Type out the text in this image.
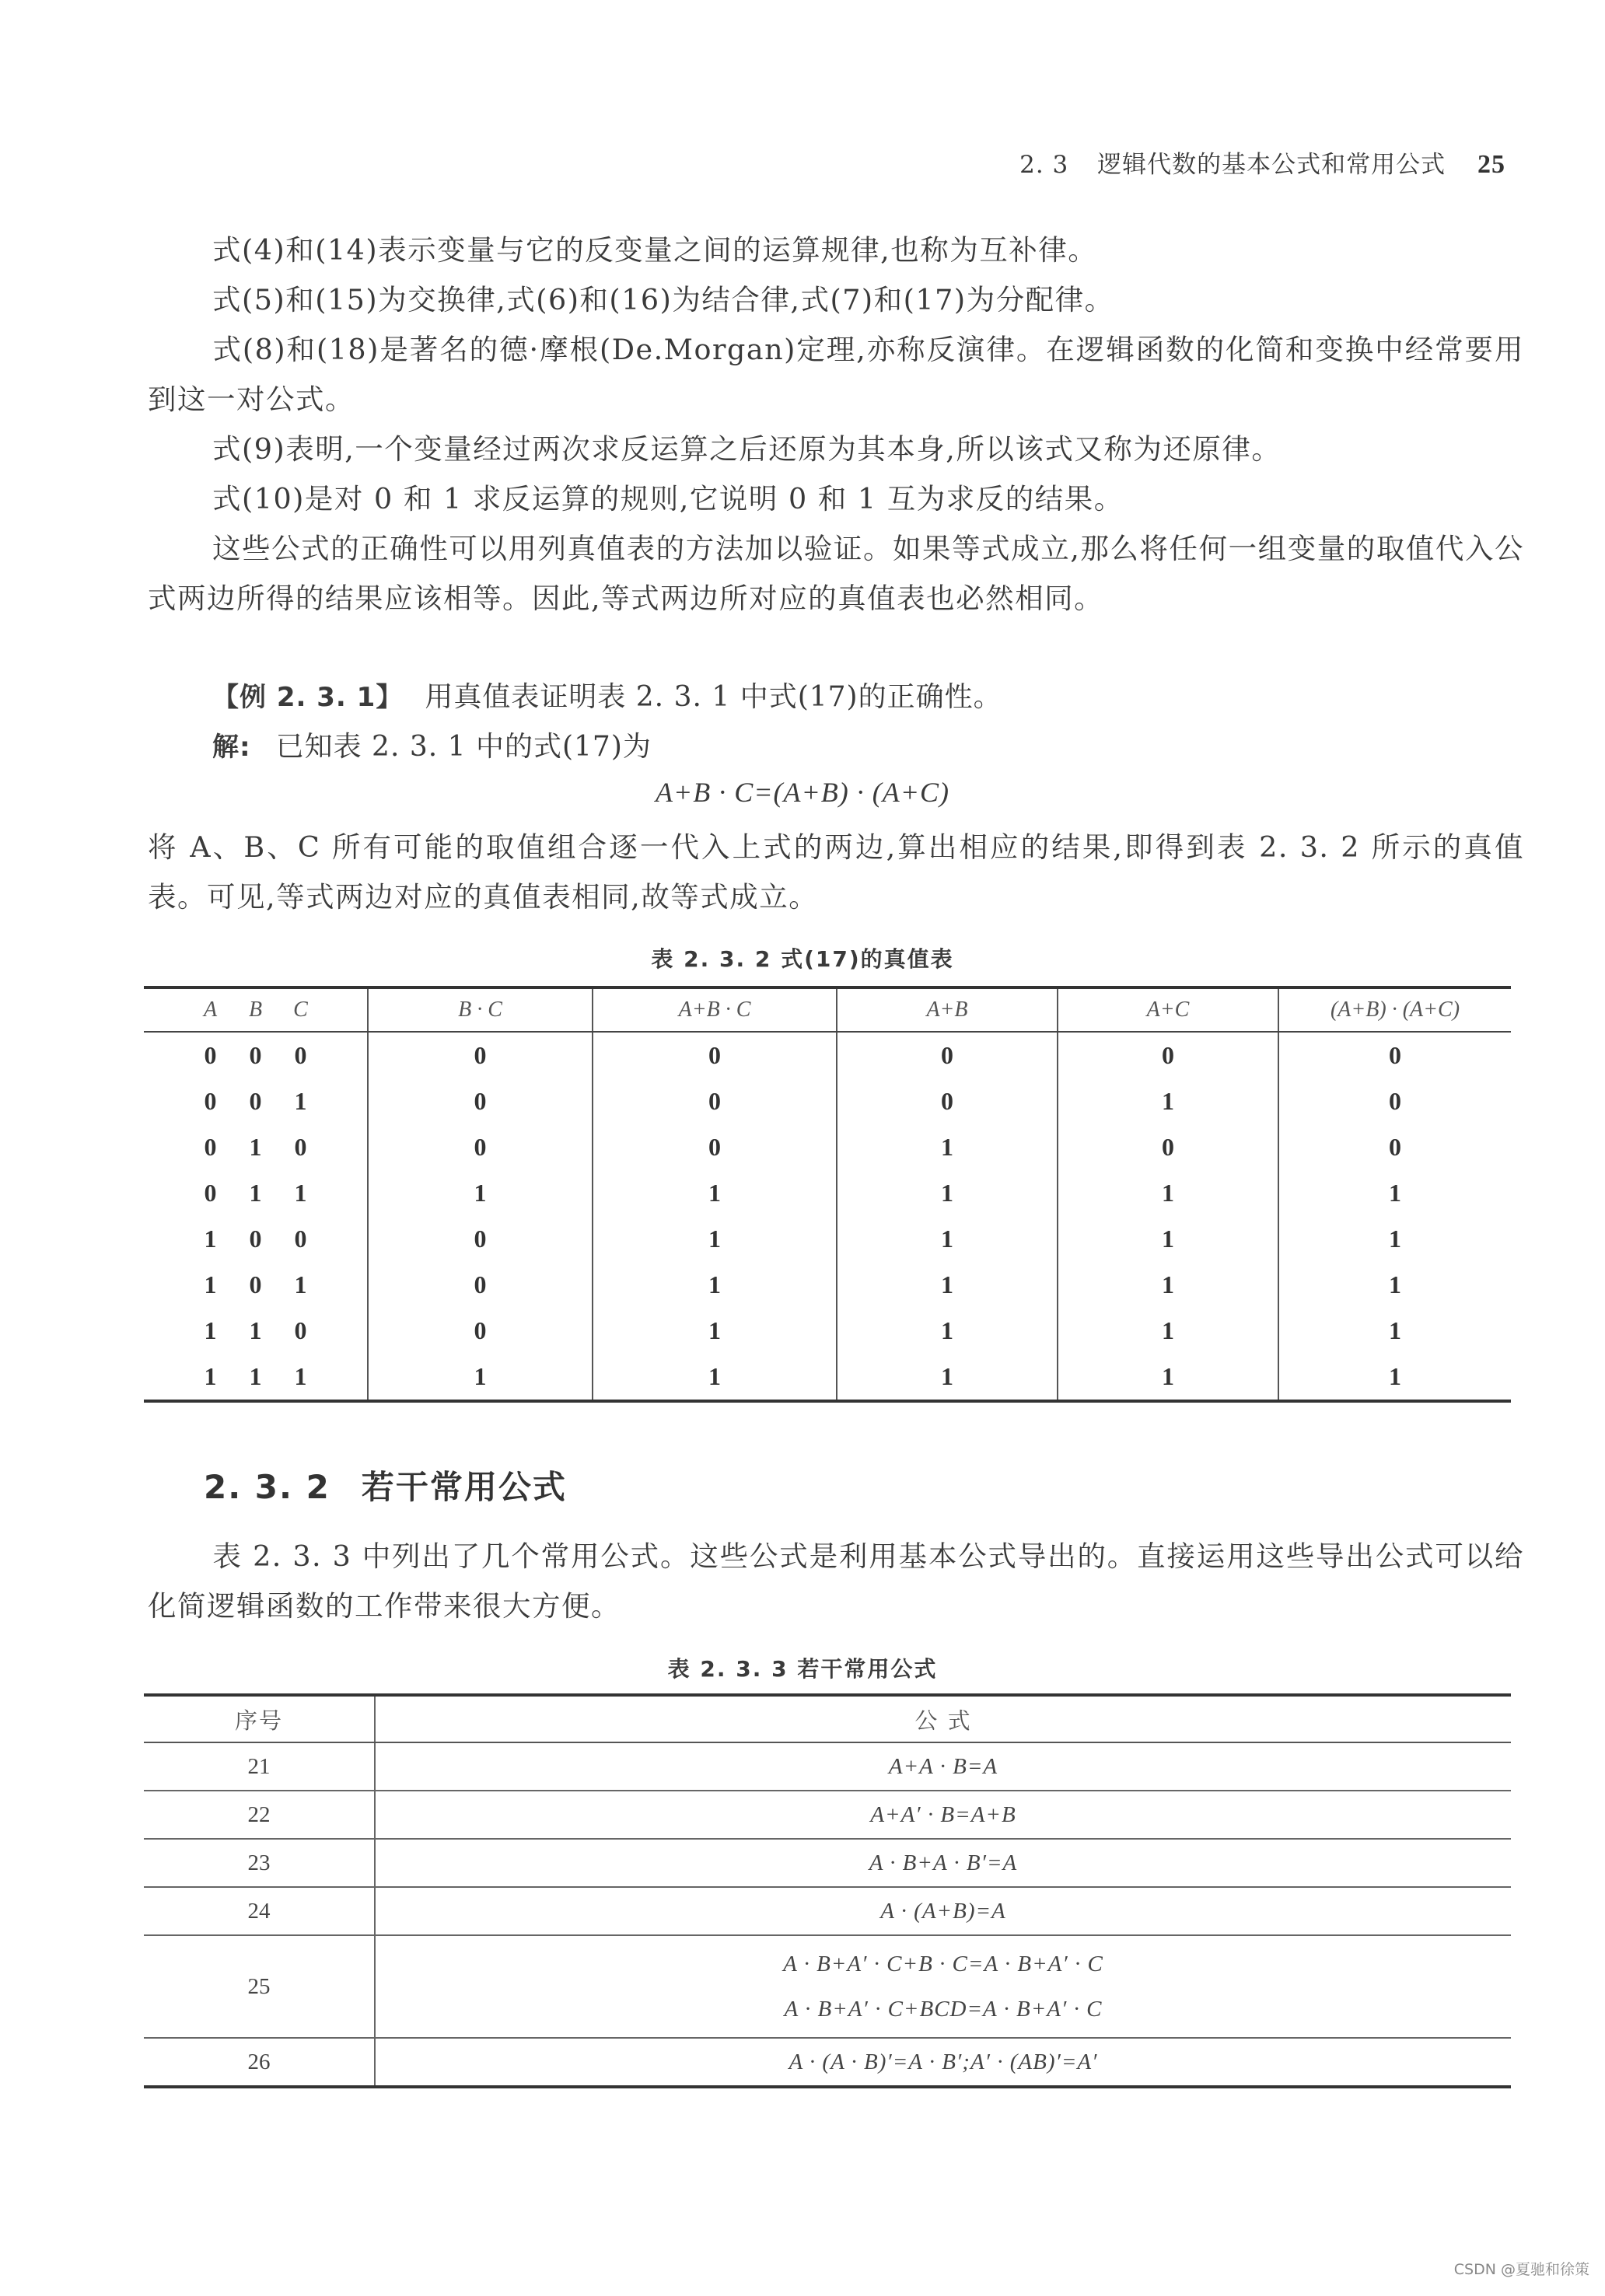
2. 3 逻辑代数的基本公式和常用公式 25

式(4)和(14)表示变量与它的反变量之间的运算规律,也称为互补律。

式(5)和(15)为交换律,式(6)和(16)为结合律,式(7)和(17)为分配律。

式(8)和(18)是著名的德·摩根(De.Morgan)定理,亦称反演律。在逻辑函数的化简和变换中经常要用到这一对公式。

式(9)表明,一个变量经过两次求反运算之后还原为其本身,所以该式又称为还原律。

式(10)是对 0 和 1 求反运算的规则,它说明 0 和 1 互为求反的结果。

这些公式的正确性可以用列真值表的方法加以验证。如果等式成立,那么将任何一组变量的取值代入公式两边所得的结果应该相等。因此,等式两边所对应的真值表也必然相同。

【例 2. 3. 1】 用真值表证明表 2. 3. 1 中式(17)的正确性。
解: 已知表 2. 3. 1 中的式(17)为
A+B · C=(A+B) · (A+C)

将 A、B、C 所有可能的取值组合逐一代入上式的两边,算出相应的结果,即得到表 2. 3. 2 所示的真值表。可见,等式两边对应的真值表相同,故等式成立。

表 2. 3. 2 式(17)的真值表
A B C	B · C	A+B · C	A+B	A+C	(A+B) · (A+C)
0 0 0	0	0	0	0	0
0 0 1	0	0	0	1	0
0 1 0	0	0	1	0	0
0 1 1	1	1	1	1	1
1 0 0	0	1	1	1	1
1 0 1	0	1	1	1	1
1 1 0	0	1	1	1	1
1 1 1	1	1	1	1	1
2. 3. 2 若干常用公式

表 2. 3. 3 中列出了几个常用公式。这些公式是利用基本公式导出的。直接运用这些导出公式可以给化简逻辑函数的工作带来很大方便。

表 2. 3. 3 若干常用公式
序号	公 式
21	A+A · B=A

22	A+A′ · B=A+B

23	A · B+A · B′=A

24	A · (A+B)=A

25	A · B+A′ · C+B · C=A · B+A′ · C
A · B+A′ · C+BCD=A · B+A′ · C

26	A · (A · B)′=A · B′;A′ · (AB)′=A′
CSDN @夏驰和徐策
